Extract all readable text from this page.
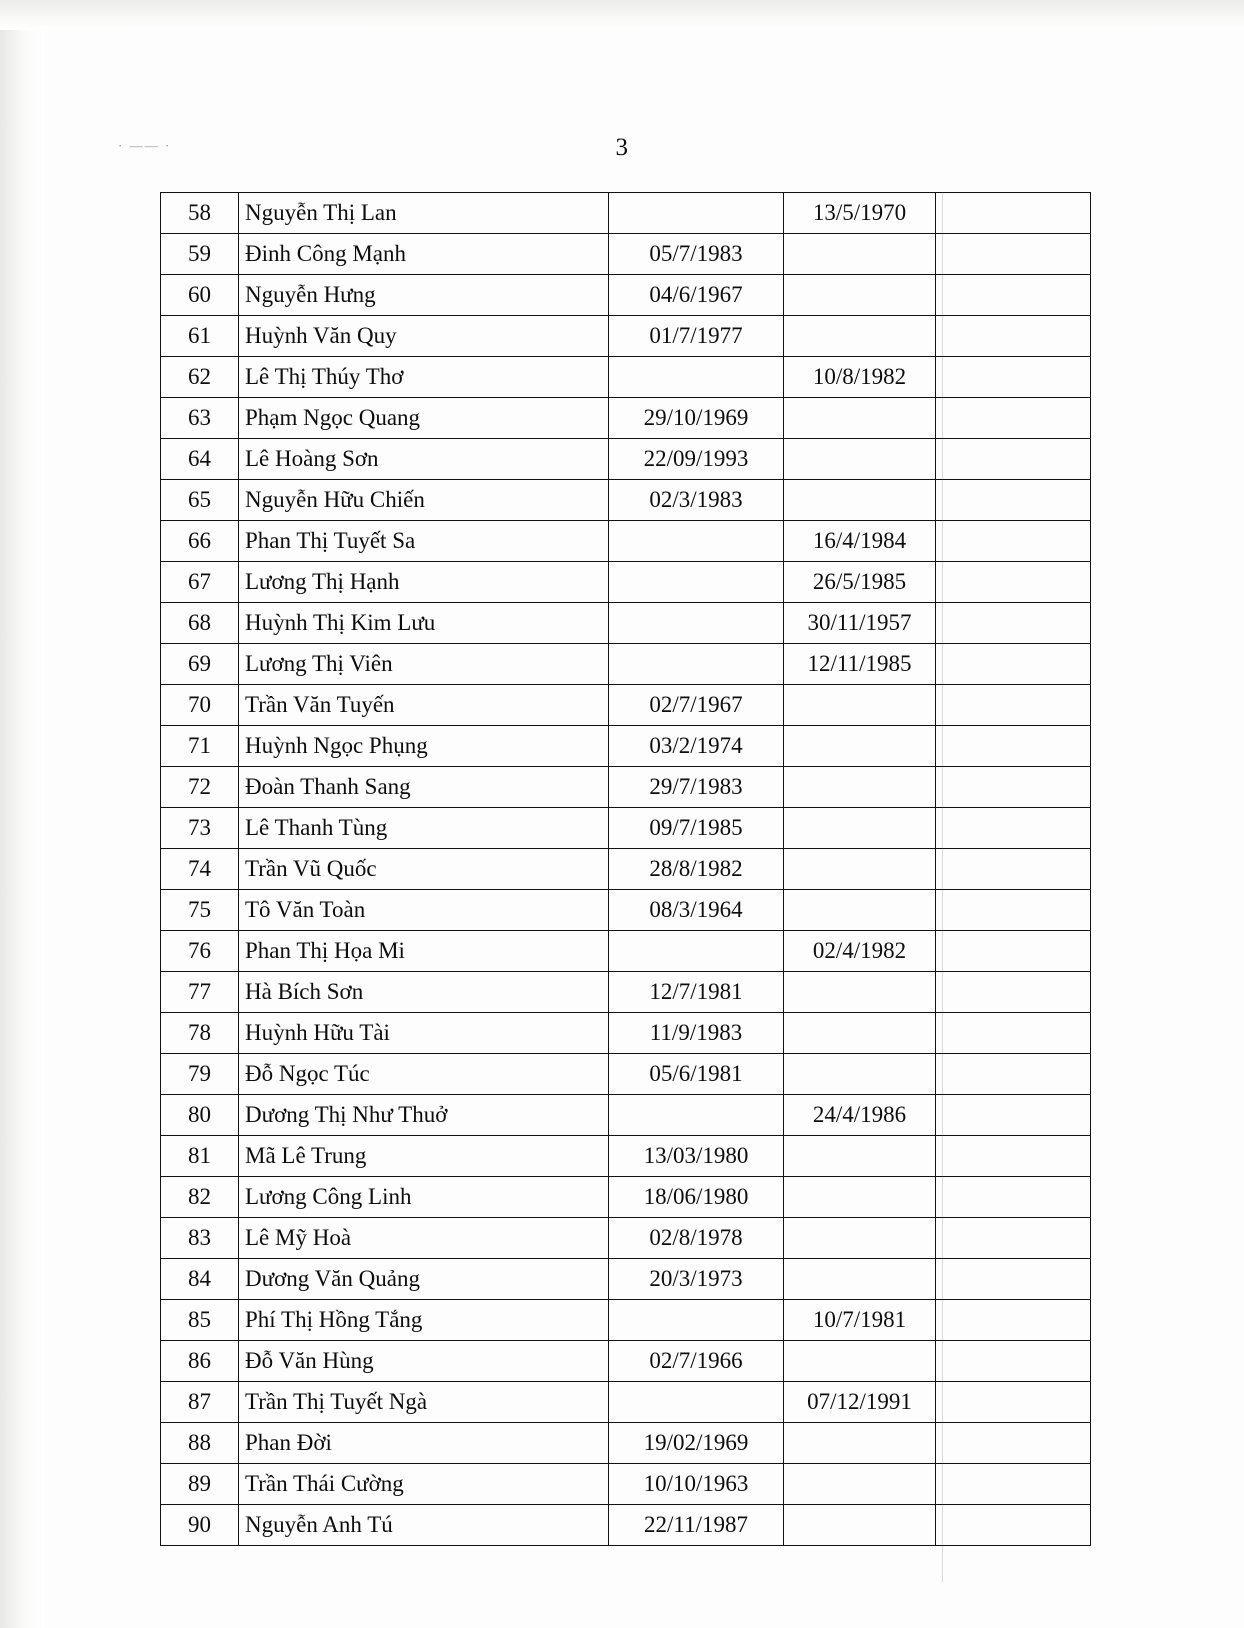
· —— ·	3
58	Nguyễn Thị Lan		13/5/1970	
59	Đinh Công Mạnh	05/7/1983		
60	Nguyễn Hưng	04/6/1967		
61	Huỳnh Văn Quy	01/7/1977		
62	Lê Thị Thúy Thơ		10/8/1982	
63	Phạm Ngọc Quang	29/10/1969		
64	Lê Hoàng Sơn	22/09/1993		
65	Nguyễn Hữu Chiến	02/3/1983		
66	Phan Thị Tuyết Sa		16/4/1984	
67	Lương Thị Hạnh		26/5/1985	
68	Huỳnh Thị Kim Lưu		30/11/1957	
69	Lương Thị Viên		12/11/1985	
70	Trần Văn Tuyến	02/7/1967		
71	Huỳnh Ngọc Phụng	03/2/1974		
72	Đoàn Thanh Sang	29/7/1983		
73	Lê Thanh Tùng	09/7/1985		
74	Trần Vũ Quốc	28/8/1982		
75	Tô Văn Toàn	08/3/1964		
76	Phan Thị Họa Mi		02/4/1982	
77	Hà Bích Sơn	12/7/1981		
78	Huỳnh Hữu Tài	11/9/1983		
79	Đỗ Ngọc Túc	05/6/1981		
80	Dương Thị Như Thuở		24/4/1986	
81	Mã Lê Trung	13/03/1980		
82	Lương Công Linh	18/06/1980		
83	Lê Mỹ Hoà	02/8/1978		
84	Dương Văn Quảng	20/3/1973		
85	Phí Thị Hồng Tắng		10/7/1981	
86	Đỗ Văn Hùng	02/7/1966		
87	Trần Thị Tuyết Ngà		07/12/1991	
88	Phan Đời	19/02/1969		
89	Trần Thái Cường	10/10/1963		
90	Nguyễn Anh Tú	22/11/1987		
